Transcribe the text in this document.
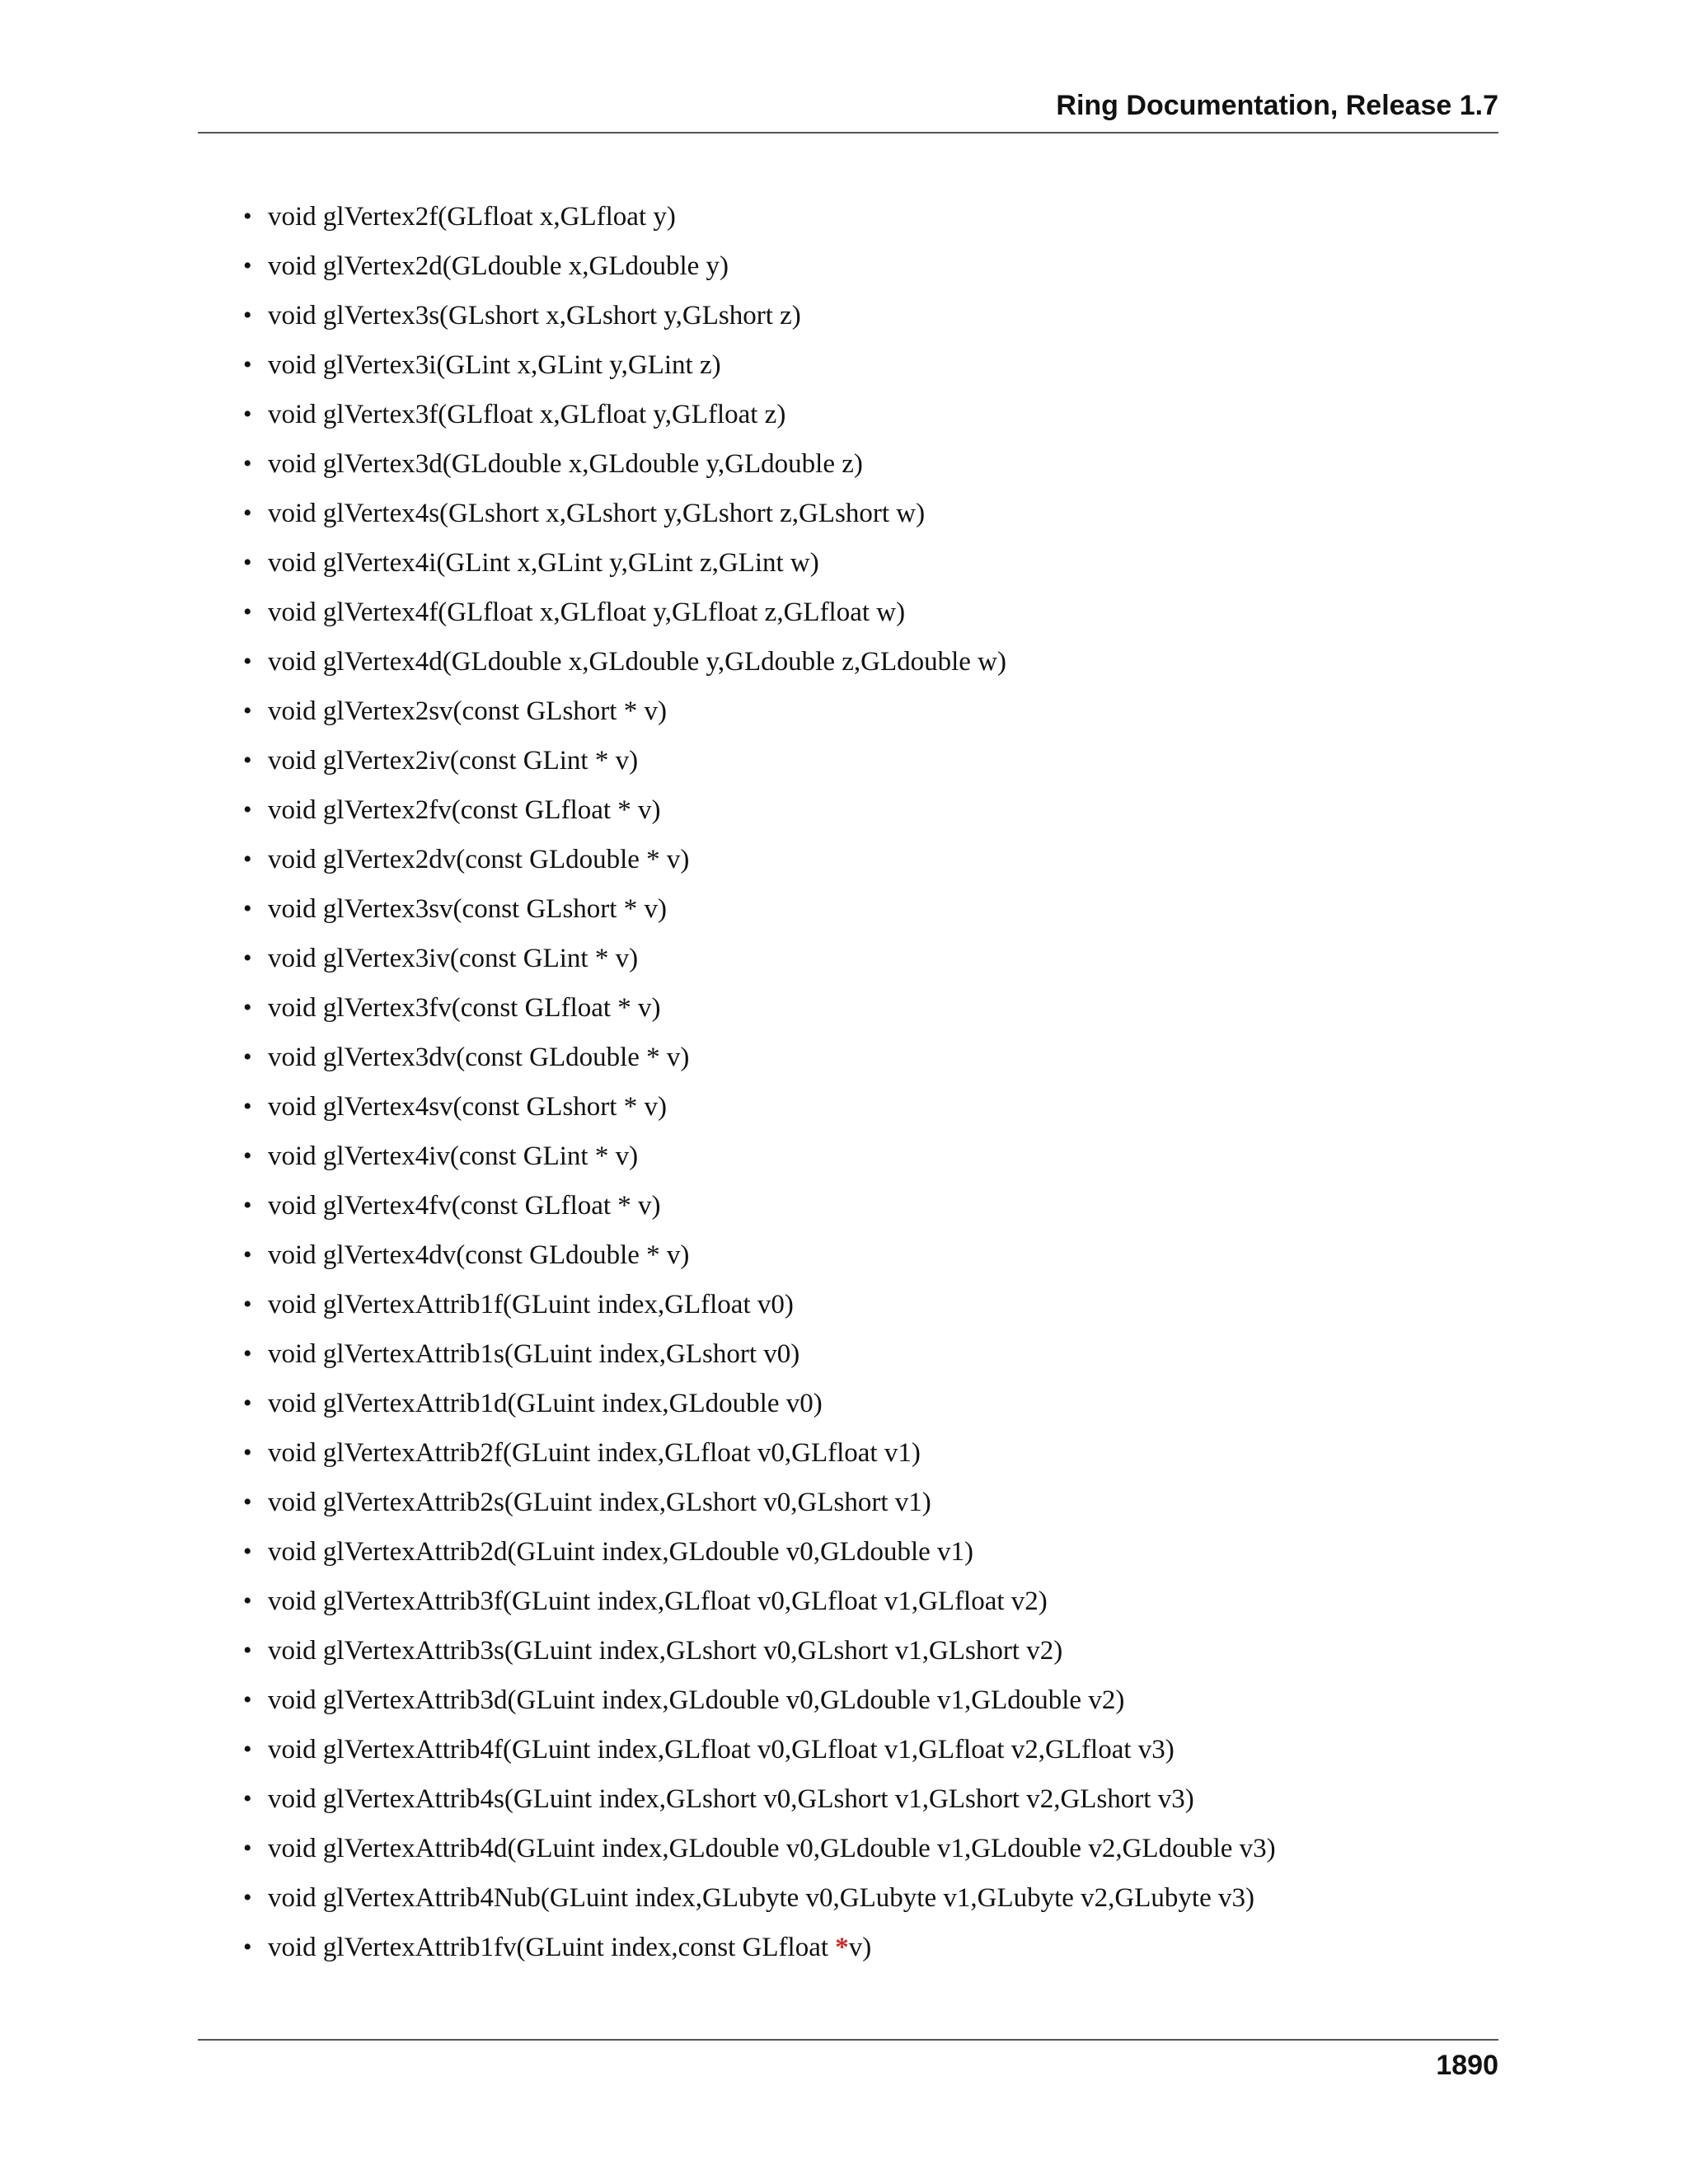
Ring Documentation, Release 1.7
• void glVertex2f(GLfloat x,GLfloat y)
• void glVertex2d(GLdouble x,GLdouble y)
• void glVertex3s(GLshort x,GLshort y,GLshort z)
• void glVertex3i(GLint x,GLint y,GLint z)
• void glVertex3f(GLfloat x,GLfloat y,GLfloat z)
• void glVertex3d(GLdouble x,GLdouble y,GLdouble z)
• void glVertex4s(GLshort x,GLshort y,GLshort z,GLshort w)
• void glVertex4i(GLint x,GLint y,GLint z,GLint w)
• void glVertex4f(GLfloat x,GLfloat y,GLfloat z,GLfloat w)
• void glVertex4d(GLdouble x,GLdouble y,GLdouble z,GLdouble w)
• void glVertex2sv(const GLshort * v)
• void glVertex2iv(const GLint * v)
• void glVertex2fv(const GLfloat * v)
• void glVertex2dv(const GLdouble * v)
• void glVertex3sv(const GLshort * v)
• void glVertex3iv(const GLint * v)
• void glVertex3fv(const GLfloat * v)
• void glVertex3dv(const GLdouble * v)
• void glVertex4sv(const GLshort * v)
• void glVertex4iv(const GLint * v)
• void glVertex4fv(const GLfloat * v)
• void glVertex4dv(const GLdouble * v)
• void glVertexAttrib1f(GLuint index,GLfloat v0)
• void glVertexAttrib1s(GLuint index,GLshort v0)
• void glVertexAttrib1d(GLuint index,GLdouble v0)
• void glVertexAttrib2f(GLuint index,GLfloat v0,GLfloat v1)
• void glVertexAttrib2s(GLuint index,GLshort v0,GLshort v1)
• void glVertexAttrib2d(GLuint index,GLdouble v0,GLdouble v1)
• void glVertexAttrib3f(GLuint index,GLfloat v0,GLfloat v1,GLfloat v2)
• void glVertexAttrib3s(GLuint index,GLshort v0,GLshort v1,GLshort v2)
• void glVertexAttrib3d(GLuint index,GLdouble v0,GLdouble v1,GLdouble v2)
• void glVertexAttrib4f(GLuint index,GLfloat v0,GLfloat v1,GLfloat v2,GLfloat v3)
• void glVertexAttrib4s(GLuint index,GLshort v0,GLshort v1,GLshort v2,GLshort v3)
• void glVertexAttrib4d(GLuint index,GLdouble v0,GLdouble v1,GLdouble v2,GLdouble v3)
• void glVertexAttrib4Nub(GLuint index,GLubyte v0,GLubyte v1,GLubyte v2,GLubyte v3)
• void glVertexAttrib1fv(GLuint index,const GLfloat *v)
1890
